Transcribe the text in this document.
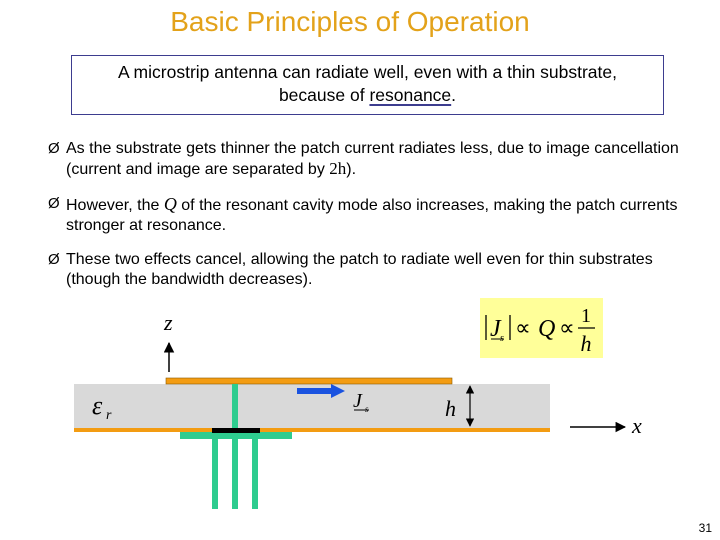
Basic Principles of Operation
A microstrip antenna can radiate well, even with a thin substrate,
because of resonance.
Ø As the substrate gets thinner the patch current radiates less, due to image cancellation (current and image are separated by 2h).
Ø However, the Q of the resonant cavity mode also increases, making the patch currents stronger at resonance.
Ø These two effects cancel, allowing the patch to radiate well even for thin substrates (though the bandwidth decreases).
J s ∝ Q ∝ 1
h
z
ε r
J s	h
x
31
